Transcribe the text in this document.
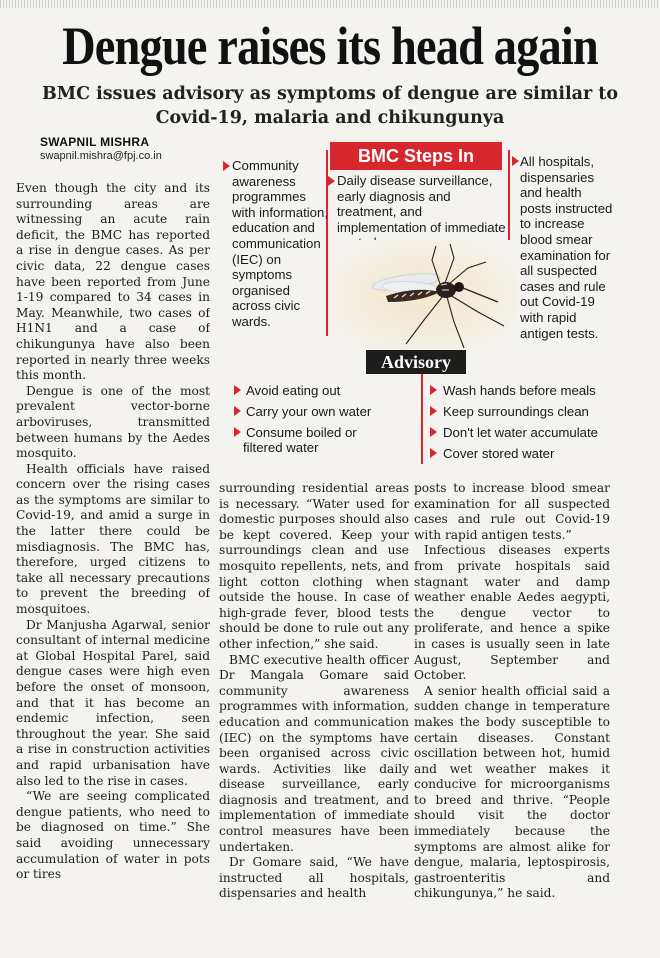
Dengue raises its head again
BMC issues advisory as symptoms of dengue are similar to
Covid-19, malaria and chikungunya
SWAPNIL MISHRA
swapnil.mishra@fpj.co.in	BMC Steps In
Community awareness programmes with information, education and communication (IEC) on symptoms organised across civic wards.
Daily disease surveillance, early diagnosis and treatment, and implementation of immediate
All hospitals, dispensaries and health posts instructed to increase blood smear examination for all suspected cases and rule out Covid-19 with rapid antigen tests.
Advisory
Avoid eating out
Carry your own water
Consume boiled or
filtered water
Wash hands before meals
Keep surroundings clean
Don't let water accumulate
Cover stored water

Even though the city and its surrounding areas are witnessing an acute rain deficit, the BMC has reported a rise in dengue cases. As per civic data, 22 dengue cases have been reported from June 1-19 compared to 34 cases in May. Meanwhile, two cases of H1N1 and a case of chikungunya have also been reported in nearly three weeks this month.

Dengue is one of the most prevalent vector-borne arboviruses, transmitted between humans by the Aedes mosquito.

Health officials have raised concern over the rising cases as the symptoms are similar to Covid-19, and amid a surge in the latter there could be misdiagnosis. The BMC has, therefore, urged citizens to take all necessary precautions to prevent the breeding of mosquitoes.

Dr Manjusha Agarwal, senior consultant of internal medicine at Global Hospital Parel, said dengue cases were high even before the onset of monsoon, and that it has become an endemic infection, seen throughout the year. She said a rise in construction activities and rapid urbanisation have also led to the rise in cases.

“We are seeing complicated dengue patients, who need to be diagnosed on time.” She said avoiding unnecessary accumulation of water in pots or tires

surrounding residential areas is necessary. “Water used for domestic purposes should also be kept covered. Keep your surroundings clean and use mosquito repellents, nets, and light cotton clothing when outside the house. In case of high-grade fever, blood tests should be done to rule out any other infection,” she said.

BMC executive health officer Dr Mangala Gomare said community awareness programmes with information, education and communication (IEC) on the symptoms have been organised across civic wards. Activities like daily disease surveillance, early diagnosis and treatment, and implementation of immediate control measures have been undertaken.

Dr Gomare said, “We have instructed all hospitals, dispensaries and health

posts to increase blood smear examination for all suspected cases and rule out Covid-19 with rapid antigen tests.”

Infectious diseases experts from private hospitals said stagnant water and damp weather enable Aedes aegypti, the dengue vector to proliferate, and hence a spike in cases is usually seen in late August, September and October.

A senior health official said a sudden change in temperature makes the body susceptible to certain diseases. Constant oscillation between hot, humid and wet weather makes it conducive for microorganisms to breed and thrive. “People should visit the doctor immediately because the symptoms are almost alike for dengue, malaria, leptospirosis, gastroenteritis and chikungunya,” he said.
